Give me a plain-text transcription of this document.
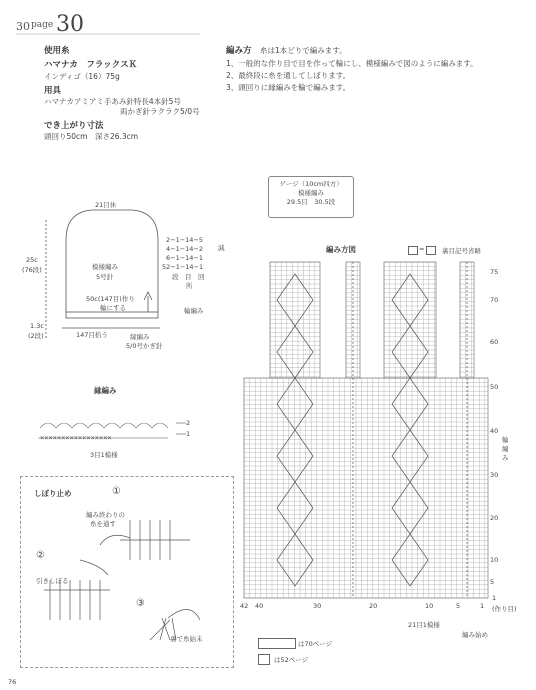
30 page 30
使用糸
ハマナカ　フラックスＫ
インディゴ（16）75g
用具
ハマナカアミアミ手あみ針特長4本針5号
両かぎ針ラクラク5/0号
でき上がり寸法
頭回り50cm　深さ26.3cm
編み方 糸は1本どりで編みます。
1、一般的な作り目で目を作って輪にし、模様編みで図のように編みます。
2、最終段に糸を通してしぼります。
3、頭回りに縁編みを輪で編みます。
ゲージ（10cm四方）
模様編み
29.5目　30.5段
21目休
25c
(76段)	模様編み
5号針
2−1−14−5
4−1−14−2
6−1−14−1
52−1−14−1
段　目　回
減
所
50c(147目)作り
輪にする	輪編み
1.3c
(2段)	147目拾う	縁編み
5/0号かぎ針
縁編み
2
1
3目1模様
しぼり止め	①
編み終わりの
糸を通す
②
引きしぼる
③
裏で糸始末
編み方図	=	裏目記号省略
75
70
60
50
40
30
20
10
5
1
輪
編
み
42 40	30	20	10	5	1 (作り目)
21目1模様
編み始め
は70ページ
は52ページ
76
×××××××××××××××××
